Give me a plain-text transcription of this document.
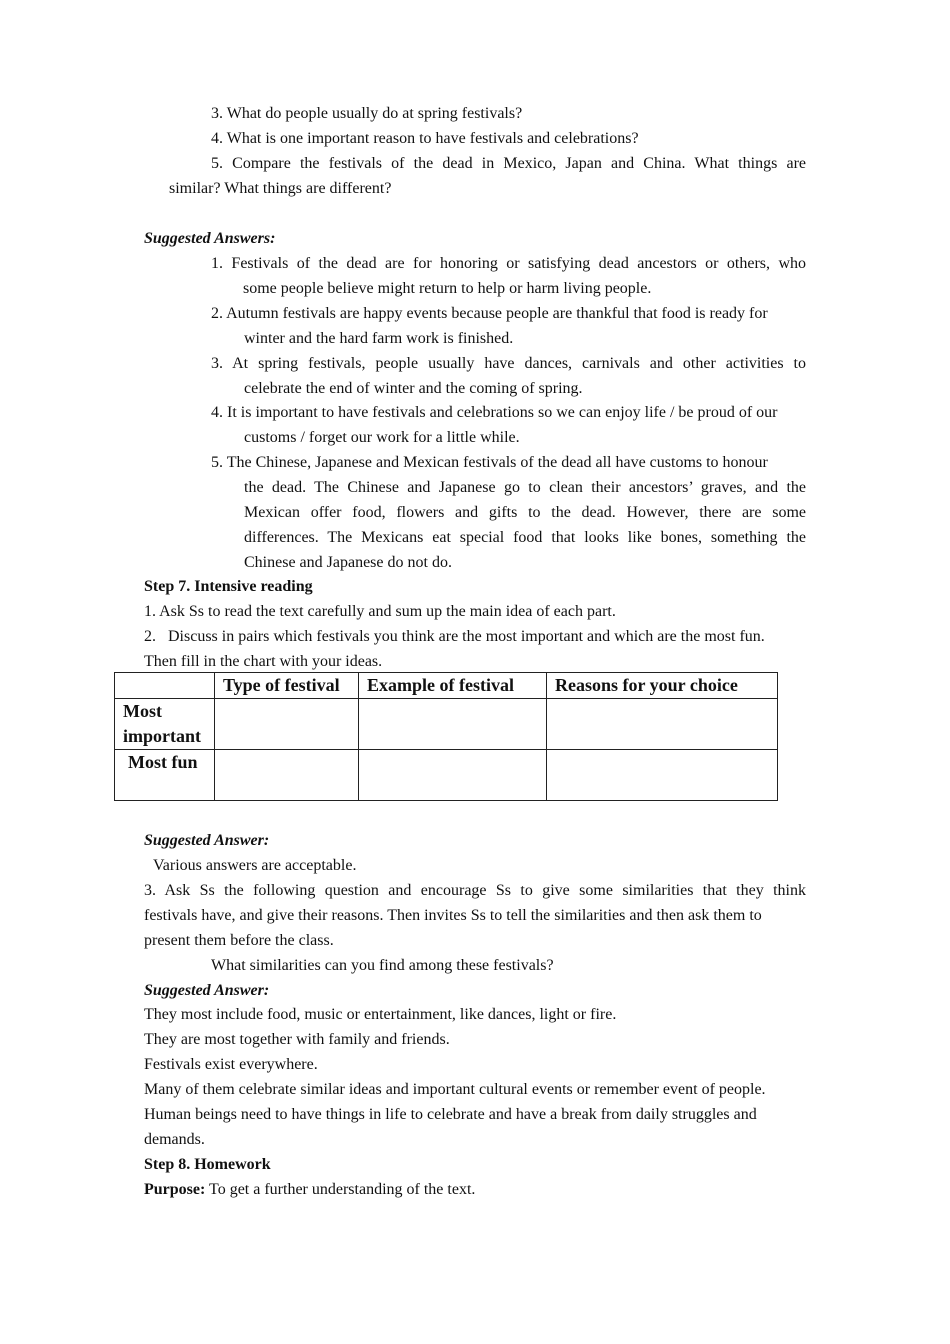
3. What do people usually do at spring festivals?
4. What is one important reason to have festivals and celebrations?
5. Compare the festivals of the dead in Mexico, Japan and China. What things are
similar? What things are different?
Suggested Answers:
1. Festivals of the dead are for honoring or satisfying dead ancestors or others, who
some people believe might return to help or harm living people.
2. Autumn festivals are happy events because people are thankful that food is ready for
winter and the hard farm work is finished.
3. At spring festivals, people usually have dances, carnivals and other activities to
celebrate the end of winter and the coming of spring.
4. It is important to have festivals and celebrations so we can enjoy life / be proud of our
customs / forget our work for a little while.
5. The Chinese, Japanese and Mexican festivals of the dead all have customs to honour
the dead. The Chinese and Japanese go to clean their ancestors’ graves, and the
Mexican offer food, flowers and gifts to the dead. However, there are some
differences. The Mexicans eat special food that looks like bones, something the
Chinese and Japanese do not do.
Step 7. Intensive reading
1. Ask Ss to read the text carefully and sum up the main idea of each part.
2.   Discuss in pairs which festivals you think are the most important and which are the most fun.
Then fill in the chart with your ideas.
	Type of festival	Example of festival	Reasons for your choice
Most important			
Most fun			
Suggested Answer:
Various answers are acceptable.
3. Ask Ss the following question and encourage Ss to give some similarities that they think
festivals have, and give their reasons. Then invites Ss to tell the similarities and then ask them to
present them before the class.
What similarities can you find among these festivals?
Suggested Answer:
They most include food, music or entertainment, like dances, light or fire.
They are most together with family and friends.
Festivals exist everywhere.
Many of them celebrate similar ideas and important cultural events or remember event of people.
Human beings need to have things in life to celebrate and have a break from daily struggles and
demands.
Step 8. Homework
Purpose: To get a further understanding of the text.
